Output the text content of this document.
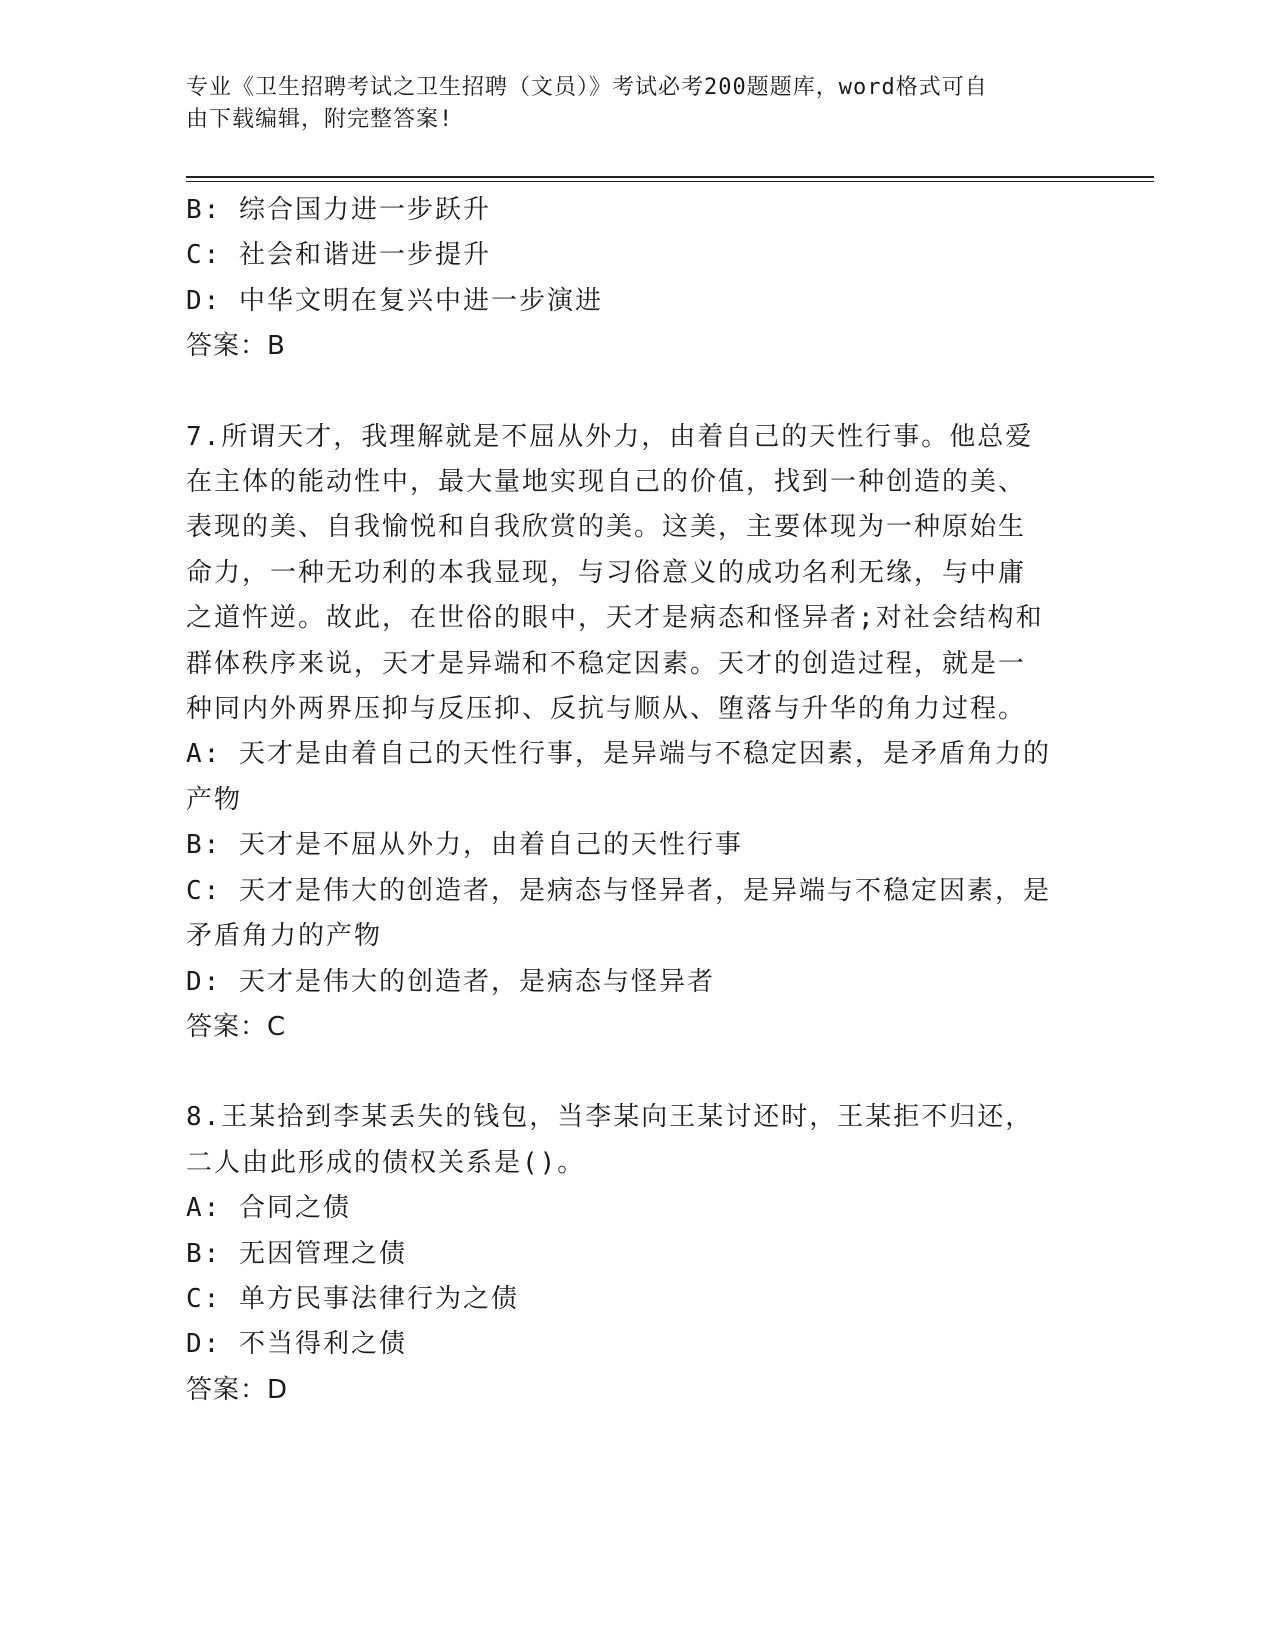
专业《卫生招聘考试之卫生招聘（文员）》考试必考200题题库，word格式可自
由下载编辑，附完整答案!

B: 综合国力进一步跃升

C: 社会和谐进一步提升

D: 中华文明在复兴中进一步演进

答案：B

7.所谓天才，我理解就是不屈从外力，由着自己的天性行事。他总爱

在主体的能动性中，最大量地实现自己的价值，找到一种创造的美、

表现的美、自我愉悦和自我欣赏的美。这美，主要体现为一种原始生

命力，一种无功利的本我显现，与习俗意义的成功名利无缘，与中庸

之道忤逆。故此，在世俗的眼中，天才是病态和怪异者;对社会结构和

群体秩序来说，天才是异端和不稳定因素。天才的创造过程，就是一

种同内外两界压抑与反压抑、反抗与顺从、堕落与升华的角力过程。

A: 天才是由着自己的天性行事，是异端与不稳定因素，是矛盾角力的

产物

B: 天才是不屈从外力，由着自己的天性行事

C: 天才是伟大的创造者，是病态与怪异者，是异端与不稳定因素，是

矛盾角力的产物

D: 天才是伟大的创造者，是病态与怪异者

答案：C

8.王某拾到李某丢失的钱包，当李某向王某讨还时，王某拒不归还，

二人由此形成的债权关系是()。

A: 合同之债

B: 无因管理之债

C: 单方民事法律行为之债

D: 不当得利之债

答案：D
